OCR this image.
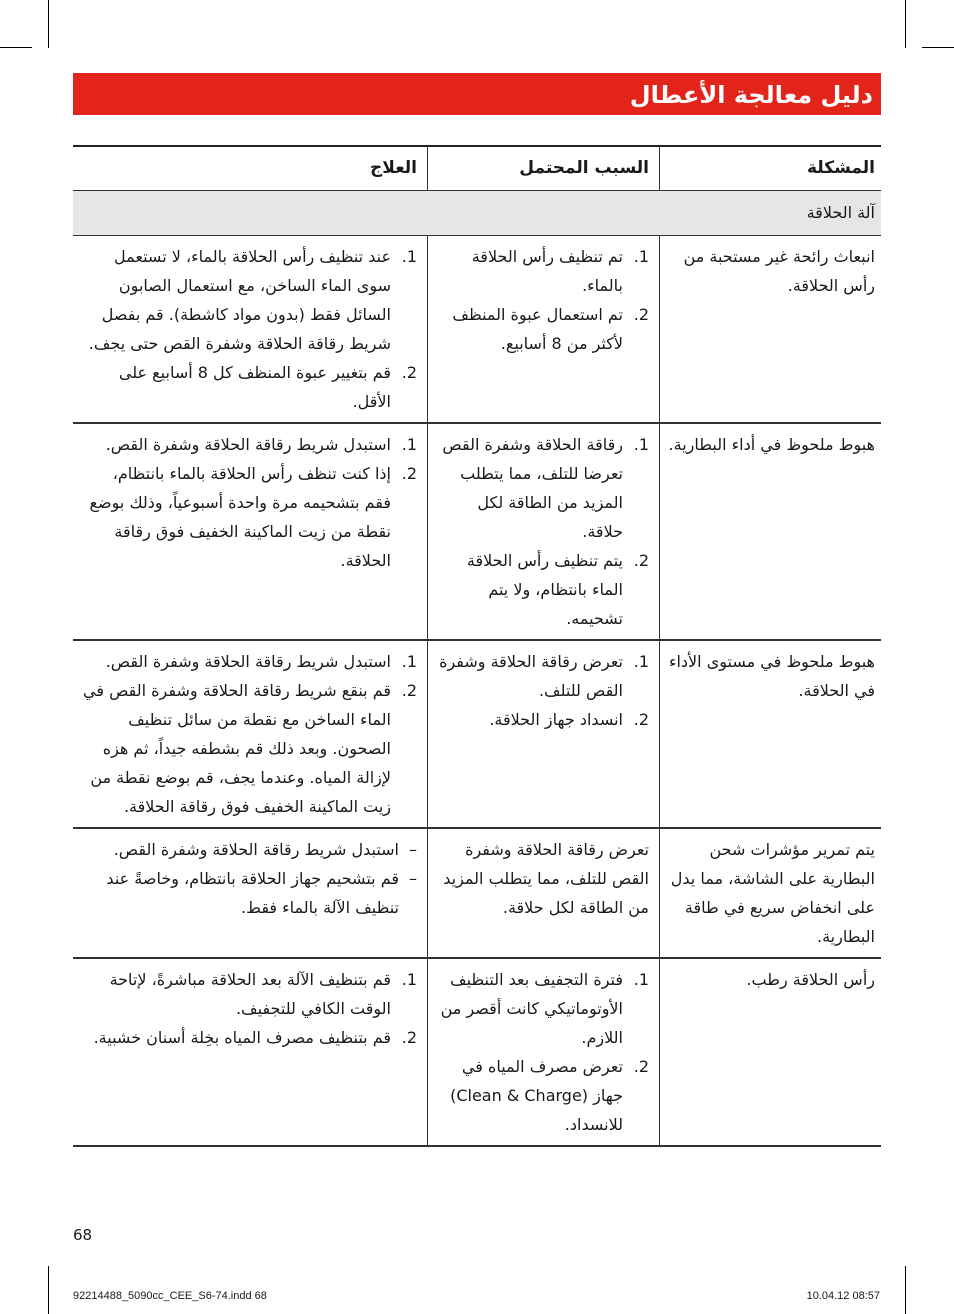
دليل معالجة الأعطال
المشكلة
السبب المحتمل
العلاج
آلة الحلاقة
انبعاث رائحة غير مستحبة من رأس الحلاقة.
1.
تم تنظيف رأس الحلاقة بالماء.
2.
تم استعمال عبوة المنظف لأكثر من 8 أسابيع.
1.
عند تنظيف رأس الحلاقة بالماء، لا تستعمل سوى الماء الساخن، مع استعمال الصابون السائل فقط (بدون مواد كاشطة). قم بفصل شريط رقاقة الحلاقة وشفرة القص حتى يجف.
2.
قم بتغيير عبوة المنظف كل 8 أسابيع على الأقل.
هبوط ملحوظ في أداء البطارية.
1.
رقاقة الحلاقة وشفرة القص تعرضا للتلف، مما يتطلب المزيد من الطاقة لكل حلاقة.
2.
يتم تنظيف رأس الحلاقة الماء بانتظام، ولا يتم تشحيمه.
1.
استبدل شريط رقاقة الحلاقة وشفرة القص.
2.
إذا كنت تنظف رأس الحلاقة بالماء بانتظام، فقم بتشحيمه مرة واحدة أسبوعياً، وذلك بوضع نقطة من زيت الماكينة الخفيف فوق رقاقة الحلاقة.
هبوط ملحوظ في مستوى الأداء في الحلاقة.
1.
تعرض رقاقة الحلاقة وشفرة القص للتلف.
2.
انسداد جهاز الحلاقة.
1.
استبدل شريط رقاقة الحلاقة وشفرة القص.
2.
قم بنقع شريط رقاقة الحلاقة وشفرة القص في الماء الساخن مع نقطة من سائل تنظيف الصحون. وبعد ذلك قم بشطفه جيداً، ثم هزه لإزالة المياه. وعندما يجف، قم بوضع نقطة من زيت الماكينة الخفيف فوق رقاقة الحلاقة.
يتم تمرير مؤشرات شحن البطارية على الشاشة، مما يدل على انخفاض سريع في طاقة البطارية.
تعرض رقاقة الحلاقة وشفرة القص للتلف، مما يتطلب المزيد من الطاقة لكل حلاقة.
–
استبدل شريط رقاقة الحلاقة وشفرة القص.
–
قم بتشحيم جهاز الحلاقة بانتظام، وخاصةً عند تنظيف الآلة بالماء فقط.
رأس الحلاقة رطب.
1.
فترة التجفيف بعد التنظيف الأوتوماتيكي كانت أقصر من اللازم.
2.
تعرض مصرف المياه في جهاز (Clean & Charge) للانسداد.
1.
قم بتنظيف الآلة بعد الحلاقة مباشرةً، لإتاحة الوقت الكافي للتجفيف.
2.
قم بتنظيف مصرف المياه بخِلة أسنان خشبية.
68
92214488_5090cc_CEE_S6-74.indd 68	10.04.12 08:57
